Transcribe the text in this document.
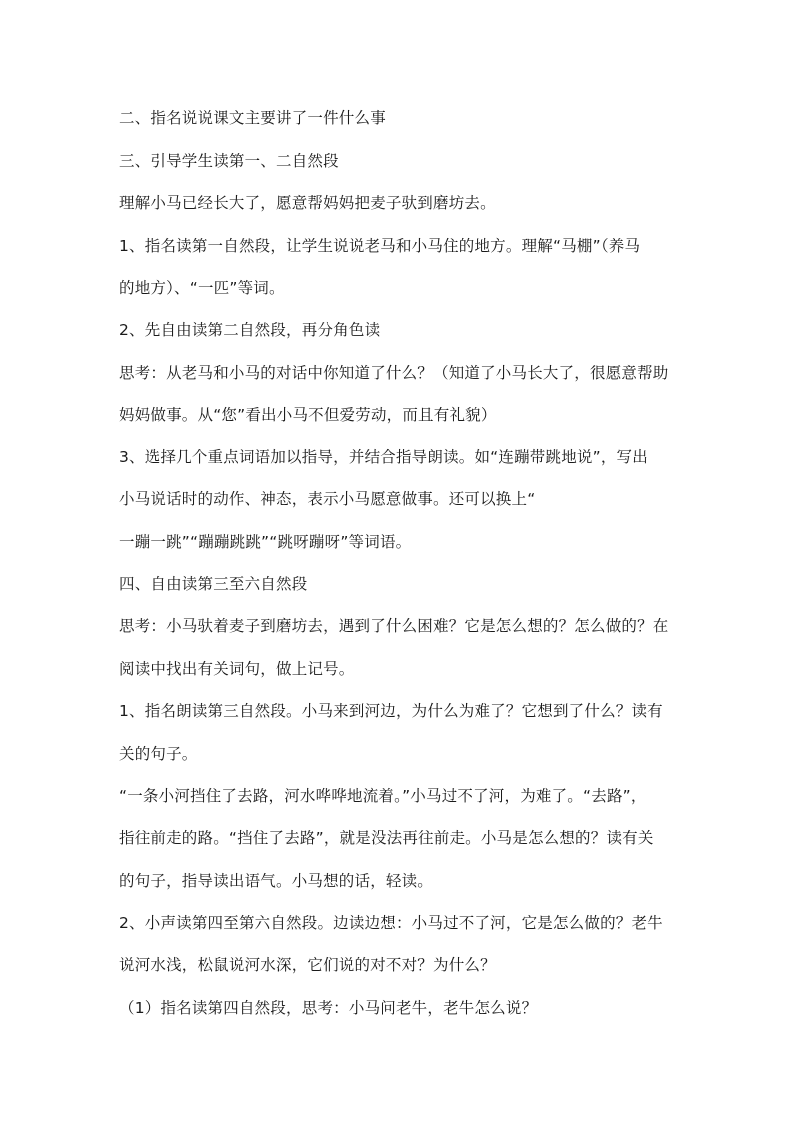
二、指名说说课文主要讲了一件什么事
三、引导学生读第一、二自然段
理解小马已经长大了，愿意帮妈妈把麦子驮到磨坊去。
1、指名读第一自然段，让学生说说老马和小马住的地方。理解“马棚”（养马
的地方）、“一匹”等词。
2、先自由读第二自然段，再分角色读
思考：从老马和小马的对话中你知道了什么？（知道了小马长大了，很愿意帮助
妈妈做事。从“您”看出小马不但爱劳动，而且有礼貌）
3、选择几个重点词语加以指导，并结合指导朗读。如“连蹦带跳地说”，写出
小马说话时的动作、神态，表示小马愿意做事。还可以换上“
一蹦一跳”“蹦蹦跳跳”“跳呀蹦呀”等词语。
四、自由读第三至六自然段
思考：小马驮着麦子到磨坊去，遇到了什么困难？它是怎么想的？怎么做的？在
阅读中找出有关词句，做上记号。
1、指名朗读第三自然段。小马来到河边，为什么为难了？它想到了什么？读有
关的句子。
“一条小河挡住了去路，河水哗哗地流着。”小马过不了河，为难了。“去路”，
指往前走的路。“挡住了去路”，就是没法再往前走。小马是怎么想的？读有关
的句子，指导读出语气。小马想的话，轻读。
2、小声读第四至第六自然段。边读边想：小马过不了河，它是怎么做的？老牛
说河水浅，松鼠说河水深，它们说的对不对？为什么？
（1）指名读第四自然段，思考：小马问老牛，老牛怎么说？
